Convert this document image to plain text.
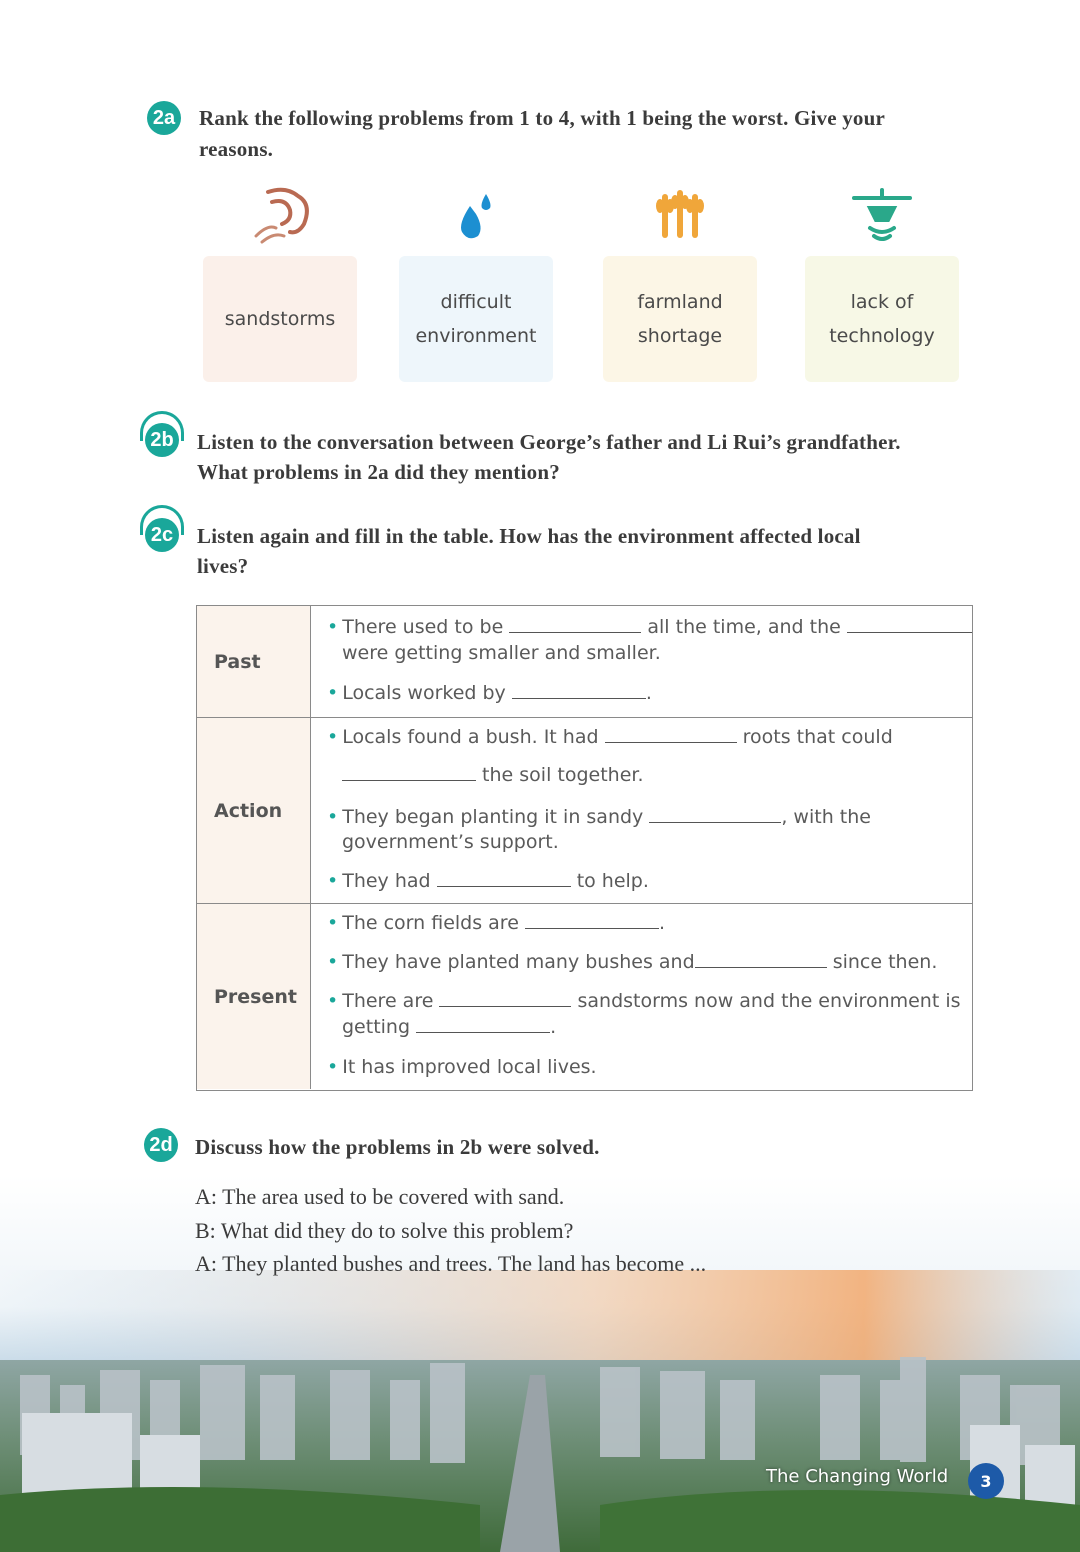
2a Rank the following problems from 1 to 4, with 1 being the worst. Give your
reasons.
sandstorms
difficult
environment
farmland
shortage
lack of
technology
2b Listen to the conversation between George’s father and Li Rui’s grandfather.
What problems in 2a did they mention?
2c Listen again and fill in the table. How has the environment affected local
lives?
Past
• There used to be	all the time, and the
were getting smaller and smaller.
• Locals worked by	.
Action
• Locals found a bush. It had	roots that could
the soil together.
• They began planting it in sandy	, with the
government’s support.
• They had	to help.
Present
• The corn fields are	.
• They have planted many bushes and	since then.
• There are	sandstorms now and the environment is
getting	.
• It has improved local lives.
2d Discuss how the problems in 2b were solved.
A: The area used to be covered with sand.
B: What did they do to solve this problem?
A: They planted bushes and trees. The land has become ...
The Changing World	3
